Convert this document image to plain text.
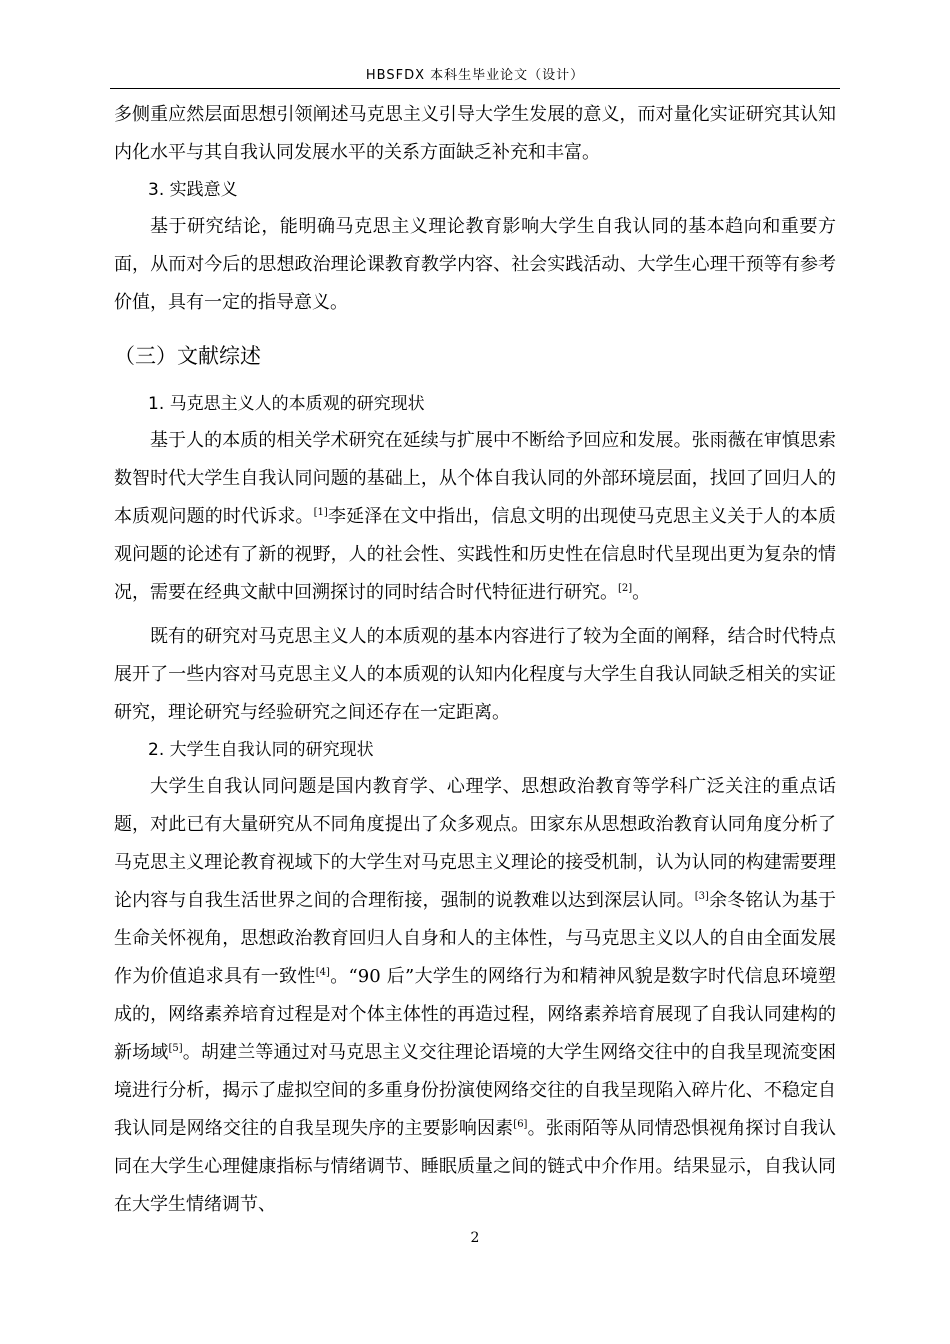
HBSFDX 本科生毕业论文（设计）

多侧重应然层面思想引领阐述马克思主义引导大学生发展的意义，而对量化实证研究其认知内化水平与其自我认同发展水平的关系方面缺乏补充和丰富。

3. 实践意义

基于研究结论，能明确马克思主义理论教育影响大学生自我认同的基本趋向和重要方面，从而对今后的思想政治理论课教育教学内容、社会实践活动、大学生心理干预等有参考价值，具有一定的指导意义。

（三）文献综述
1. 马克思主义人的本质观的研究现状

基于人的本质的相关学术研究在延续与扩展中不断给予回应和发展。张雨薇在审慎思索数智时代大学生自我认同问题的基础上，从个体自我认同的外部环境层面，找回了回归人的本质观问题的时代诉求。[1]李延泽在文中指出，信息文明的出现使马克思主义关于人的本质观问题的论述有了新的视野，人的社会性、实践性和历史性在信息时代呈现出更为复杂的情况，需要在经典文献中回溯探讨的同时结合时代特征进行研究。[2]。

既有的研究对马克思主义人的本质观的基本内容进行了较为全面的阐释，结合时代特点展开了一些内容对马克思主义人的本质观的认知内化程度与大学生自我认同缺乏相关的实证研究，理论研究与经验研究之间还存在一定距离。

2. 大学生自我认同的研究现状

大学生自我认同问题是国内教育学、心理学、思想政治教育等学科广泛关注的重点话题，对此已有大量研究从不同角度提出了众多观点。田家东从思想政治教育认同角度分析了马克思主义理论教育视域下的大学生对马克思主义理论的接受机制，认为认同的构建需要理论内容与自我生活世界之间的合理衔接，强制的说教难以达到深层认同。[3]余冬铭认为基于生命关怀视角，思想政治教育回归人自身和人的主体性，与马克思主义以人的自由全面发展作为价值追求具有一致性[4]。“90 后”大学生的网络行为和精神风貌是数字时代信息环境塑成的，网络素养培育过程是对个体主体性的再造过程，网络素养培育展现了自我认同建构的新场域[5]。胡建兰等通过对马克思主义交往理论语境的大学生网络交往中的自我呈现流变困境进行分析，揭示了虚拟空间的多重身份扮演使网络交往的自我呈现陷入碎片化、不稳定自我认同是网络交往的自我呈现失序的主要影响因素[6]。张雨陌等从同情恐惧视角探讨自我认同在大学生心理健康指标与情绪调节、睡眠质量之间的链式中介作用。结果显示，自我认同在大学生情绪调节、

2
